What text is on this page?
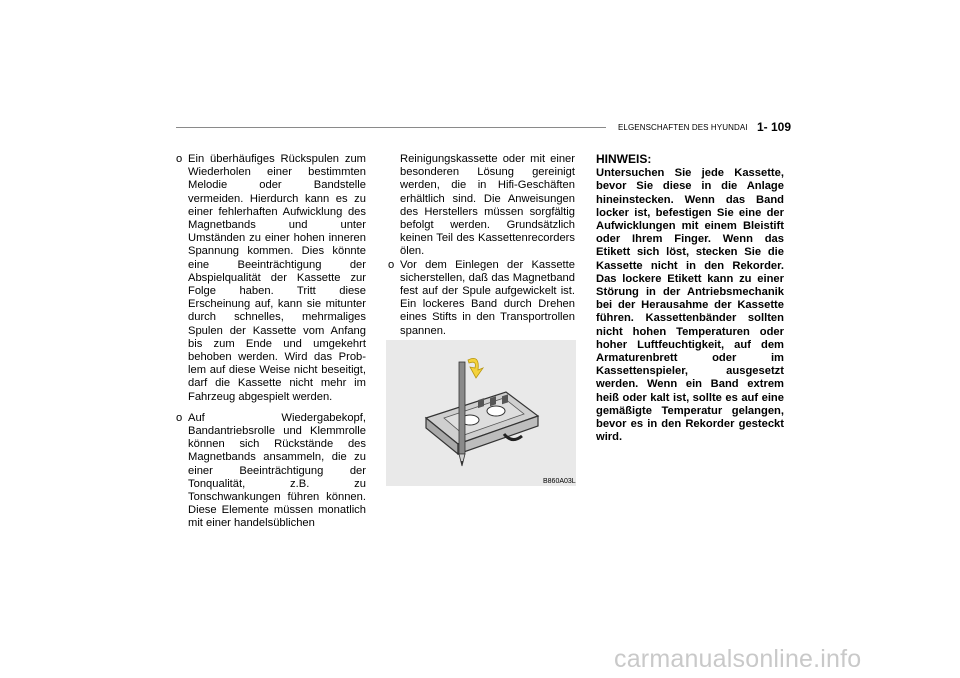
ELGENSCHAFTEN DES HYUNDAI 1- 109
o Ein überhäufiges Rückspulen zum Wiederholen einer bestimmten Melodie oder Bandstelle vermeiden. Hierdurch kann es zu einer fehlerhaften Aufwicklung des Magnetbands und unter Umständen zu einer hohen inneren Spannung kommen. Dies könnte eine Beeinträchtigung der Abspielqualität der Kassette zur Folge haben. Tritt diese Erscheinung auf, kann sie mitunter durch schnelles, mehrmaliges Spulen der Kassette vom Anfang bis zum Ende und umgekehrt behoben werden. Wird das Prob-lem auf diese Weise nicht beseitigt, darf die Kassette nicht mehr im Fahrzeug abgespielt werden.
o Auf Wiedergabekopf, Bandantriebsrolle und Klemmrolle können sich Rückstände des Magnetbands ansammeln, die zu einer Beeinträchtigung der Tonqualität, z.B. zu Tonschwankungen führen können. Diese Elemente müssen monatlich mit einer handelsüblichen
Reinigungskassette oder mit einer besonderen Lösung gereinigt werden, die in Hifi-Geschäften erhältlich sind. Die Anweisungen des Herstellers müssen sorgfältig befolgt werden. Grundsätzlich keinen Teil des Kassettenrecorders ölen.
o Vor dem Einlegen der Kassette sicherstellen, daß das Magnetband fest auf der Spule aufgewickelt ist. Ein lockeres Band durch Drehen eines Stifts in den Transportrollen spannen.
B860A03L
HINWEIS:
Untersuchen Sie jede Kassette, bevor Sie diese in die Anlage hineinstecken. Wenn das Band locker ist, befestigen Sie eine der Aufwicklungen mit einem Bleistift oder Ihrem Finger. Wenn das Etikett sich löst, stecken Sie die Kassette nicht in den Rekorder. Das lockere Etikett kann zu einer Störung in der Antriebsmechanik bei der Herausahme der Kassette führen. Kassettenbänder sollten nicht hohen Temperaturen oder hoher Luftfeuchtigkeit, auf dem Armaturenbrett oder im Kassettenspieler, ausgesetzt werden. Wenn ein Band extrem heiß oder kalt ist, sollte es auf eine gemäßigte Temperatur gelangen, bevor es in den Rekorder gesteckt wird.
carmanualsonline.info
